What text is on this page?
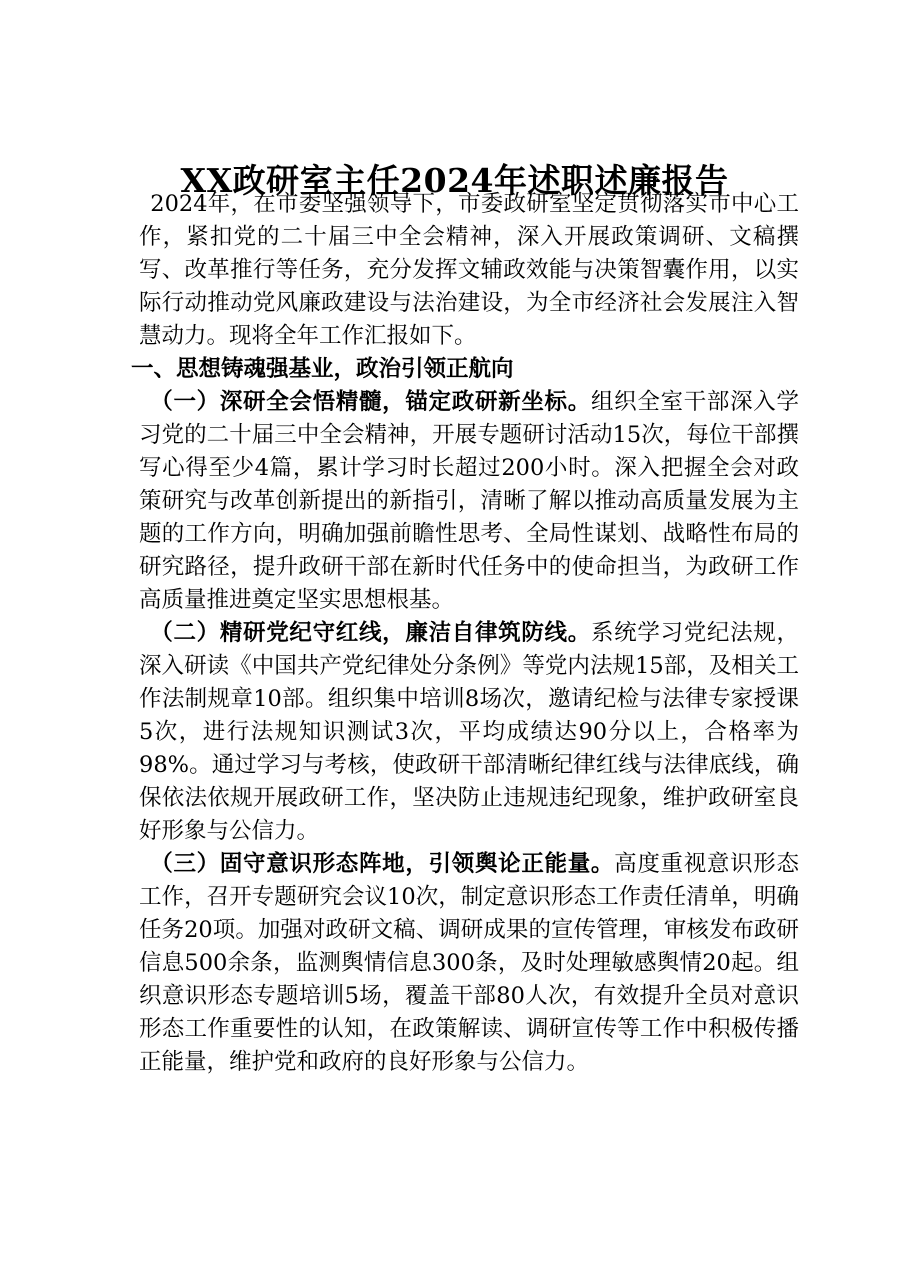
XX政研室主任2024年述职述廉报告

2024年，在市委坚强领导下，市委政研室坚定贯彻落实市中心工作，紧扣党的二十届三中全会精神，深入开展政策调研、文稿撰写、改革推行等任务，充分发挥文辅政效能与决策智囊作用，以实际行动推动党风廉政建设与法治建设，为全市经济社会发展注入智慧动力。现将全年工作汇报如下。

一、思想铸魂强基业，政治引领正航向

（一）深研全会悟精髓，锚定政研新坐标。组织全室干部深入学习党的二十届三中全会精神，开展专题研讨活动15次，每位干部撰写心得至少4篇，累计学习时长超过200小时。深入把握全会对政策研究与改革创新提出的新指引，清晰了解以推动高质量发展为主题的工作方向，明确加强前瞻性思考、全局性谋划、战略性布局的研究路径，提升政研干部在新时代任务中的使命担当，为政研工作高质量推进奠定坚实思想根基。

（二）精研党纪守红线，廉洁自律筑防线。系统学习党纪法规，深入研读《中国共产党纪律处分条例》等党内法规15部，及相关工作法制规章10部。组织集中培训8场次，邀请纪检与法律专家授课5次，进行法规知识测试3次，平均成绩达90分以上，合格率为98%。通过学习与考核，使政研干部清晰纪律红线与法律底线，确保依法依规开展政研工作，坚决防止违规违纪现象，维护政研室良好形象与公信力。

（三）固守意识形态阵地，引领舆论正能量。高度重视意识形态工作，召开专题研究会议10次，制定意识形态工作责任清单，明确任务20项。加强对政研文稿、调研成果的宣传管理，审核发布政研信息500余条，监测舆情信息300条，及时处理敏感舆情20起。组织意识形态专题培训5场，覆盖干部80人次，有效提升全员对意识形态工作重要性的认知，在政策解读、调研宣传等工作中积极传播正能量，维护党和政府的良好形象与公信力。
